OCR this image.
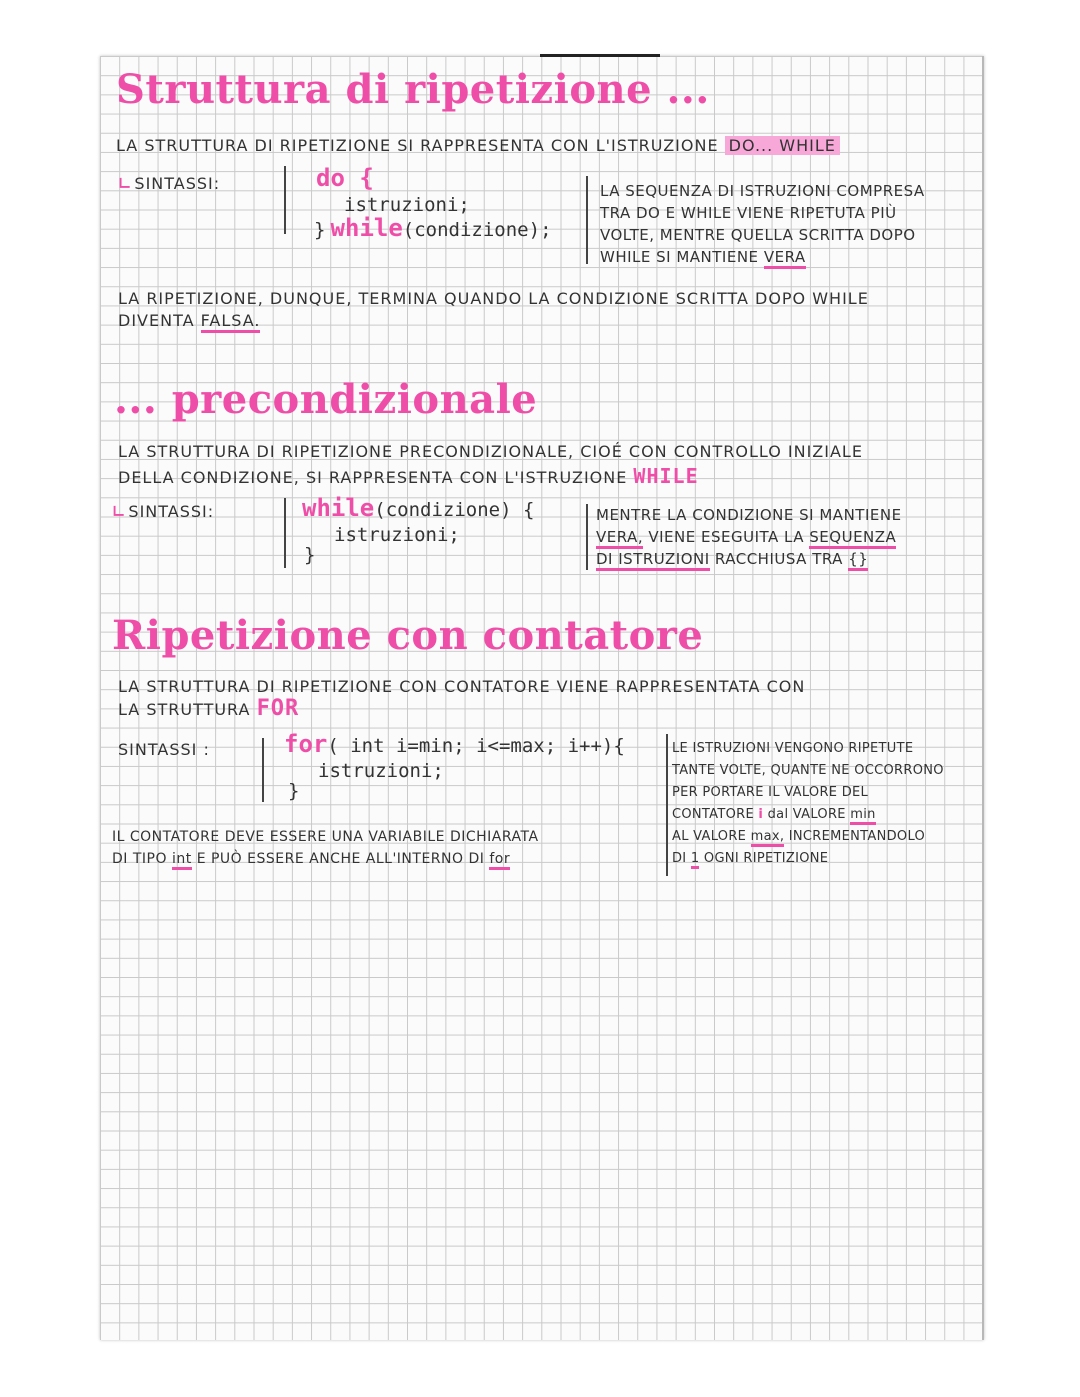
Struttura di ripetizione ...
LA STRUTTURA DI RIPETIZIONE SI RAPPRESENTA CON L'ISTRUZIONE DO... WHILE
∟ SINTASSI:	do {
istruzioni;
} while(condizione);
LA SEQUENZA DI ISTRUZIONI COMPRESA
TRA DO E WHILE VIENE RIPETUTA PIÙ
VOLTE, MENTRE QUELLA SCRITTA DOPO
WHILE SI MANTIENE VERA
LA RIPETIZIONE, DUNQUE, TERMINA QUANDO LA CONDIZIONE SCRITTA DOPO WHILE
DIVENTA FALSA.
... precondizionale
LA STRUTTURA DI RIPETIZIONE PRECONDIZIONALE, CIOÉ CON CONTROLLO INIZIALE
DELLA CONDIZIONE, SI RAPPRESENTA CON L'ISTRUZIONE WHILE
∟ SINTASSI:	while(condizione) {
istruzioni;
}
MENTRE LA CONDIZIONE SI MANTIENE
VERA, VIENE ESEGUITA LA SEQUENZA
DI ISTRUZIONI RACCHIUSA TRA {}
Ripetizione con contatore
LA STRUTTURA DI RIPETIZIONE CON CONTATORE VIENE RAPPRESENTATA CON
LA STRUTTURA FOR
SINTASSI :	for( int i=min; i<=max; i++){
istruzioni;
}
IL CONTATORE DEVE ESSERE UNA VARIABILE DICHIARATA
DI TIPO int E PUÒ ESSERE ANCHE ALL'INTERNO DI for
LE ISTRUZIONI VENGONO RIPETUTE
TANTE VOLTE, QUANTE NE OCCORRONO
PER PORTARE IL VALORE DEL
CONTATORE i dal VALORE min
AL VALORE max, INCREMENTANDOLO
DI 1 OGNI RIPETIZIONE
